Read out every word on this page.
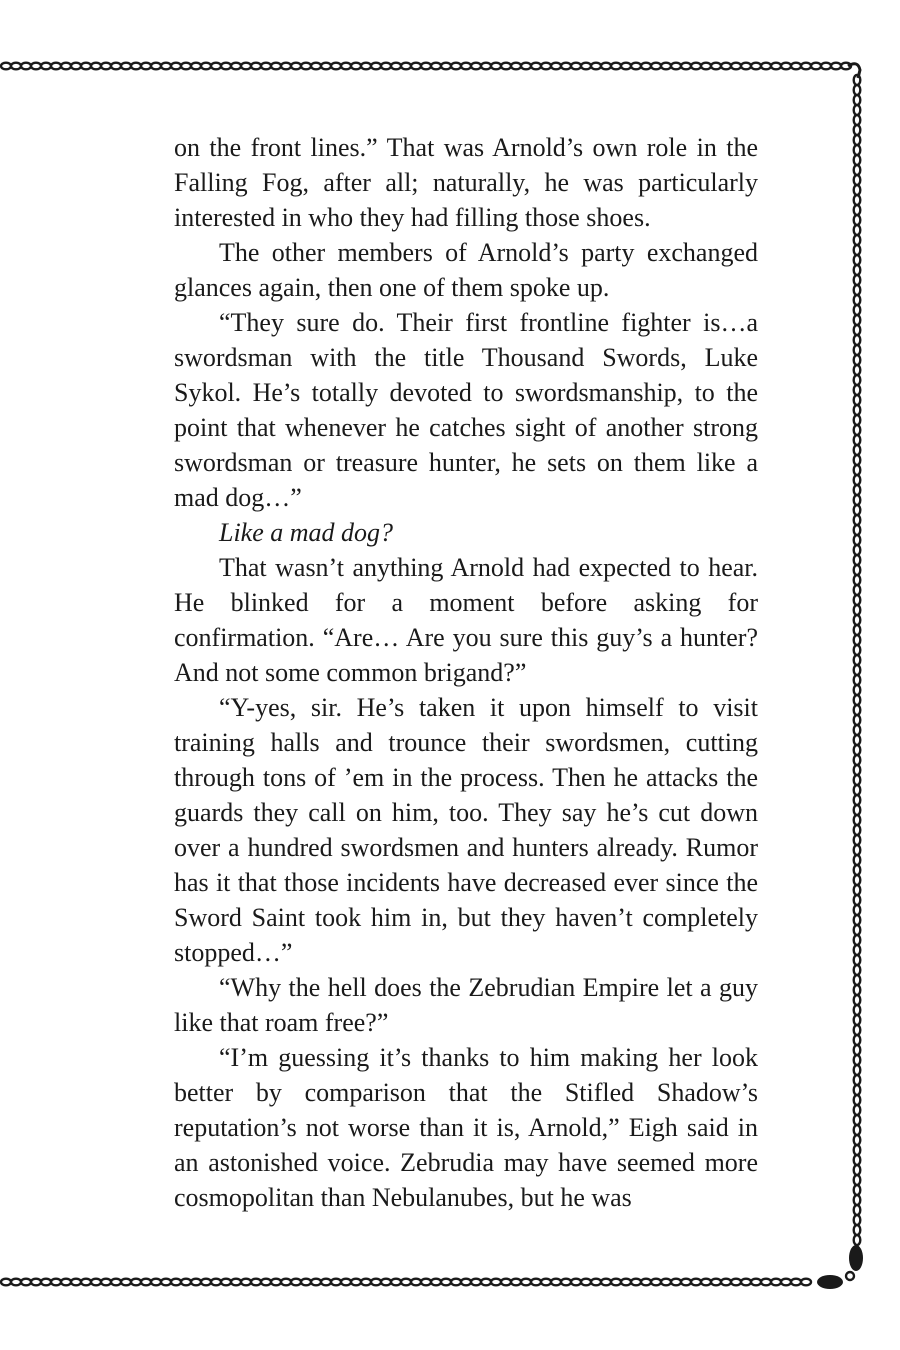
on the front lines.” That was Arnold’s own role in the Falling Fog, after all; naturally, he was particularly interested in who they had filling those shoes.

The other members of Arnold’s party exchanged glances again, then one of them spoke up.

“They sure do. Their first frontline fighter is…a swordsman with the title Thousand Swords, Luke Sykol. He’s totally devoted to swordsmanship, to the point that whenever he catches sight of another strong swordsman or treasure hunter, he sets on them like a mad dog…”

Like a mad dog?

That wasn’t anything Arnold had expected to hear. He blinked for a moment before asking for confirmation. “Are… Are you sure this guy’s a hunter? And not some common brigand?”

“Y-yes, sir. He’s taken it upon himself to visit training halls and trounce their swordsmen, cutting through tons of ’em in the process. Then he attacks the guards they call on him, too. They say he’s cut down over a hundred swordsmen and hunters already. Rumor has it that those incidents have decreased ever since the Sword Saint took him in, but they haven’t completely stopped…”

“Why the hell does the Zebrudian Empire let a guy like that roam free?”

“I’m guessing it’s thanks to him making her look better by comparison that the Stifled Shadow’s reputation’s not worse than it is, Arnold,” Eigh said in an astonished voice. Zebrudia may have seemed more cosmopolitan than Nebulanubes, but he was
